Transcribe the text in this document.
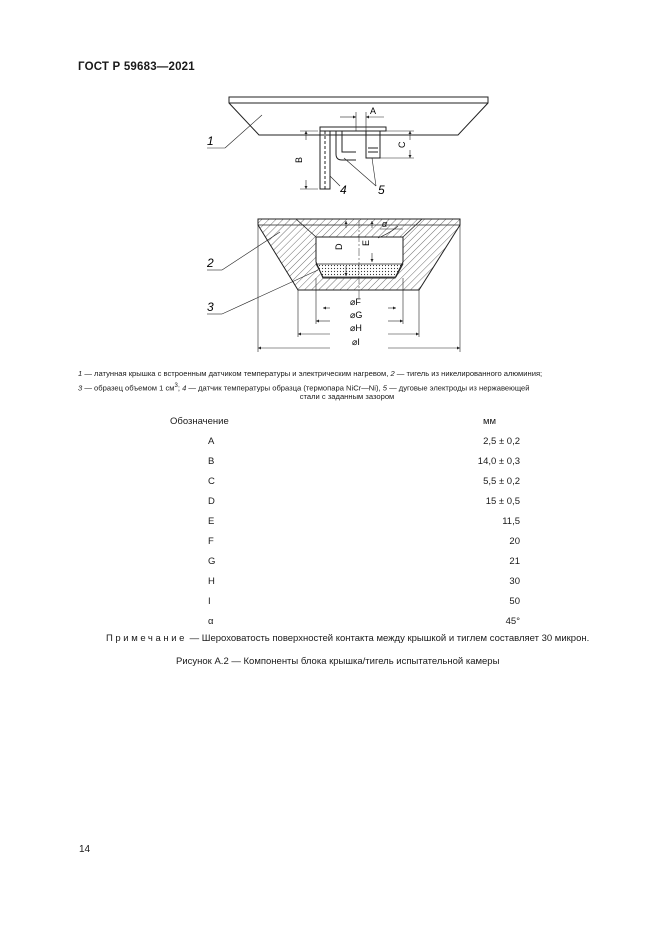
ГОСТ Р 59683—2021
A
B
C
1
4	5
D
E
α
⌀F
⌀G
⌀H
⌀I
2
3
1 — латунная крышка с встроенным датчиком температуры и электрическим нагревом, 2 — тигель из никелированного алюминия;
3 — образец объемом 1 $см^3$; 4 — датчик температуры образца (термопара NiCr—Ni), 5 — дуговые электроды из нержавеющей
стали с заданным зазором
Обозначение	мм
A	2,5 ± 0,2
B	14,0 ± 0,3
C	5,5 ± 0,2
D	15 ± 0,5
E	11,5
F	20
G	21
H	30
I	50
α	45°
Примечание — Шероховатость поверхностей контакта между крышкой и тиглем составляет 30 микрон.
Рисунок А.2 — Компоненты блока крышка/тигель испытательной камеры
14
